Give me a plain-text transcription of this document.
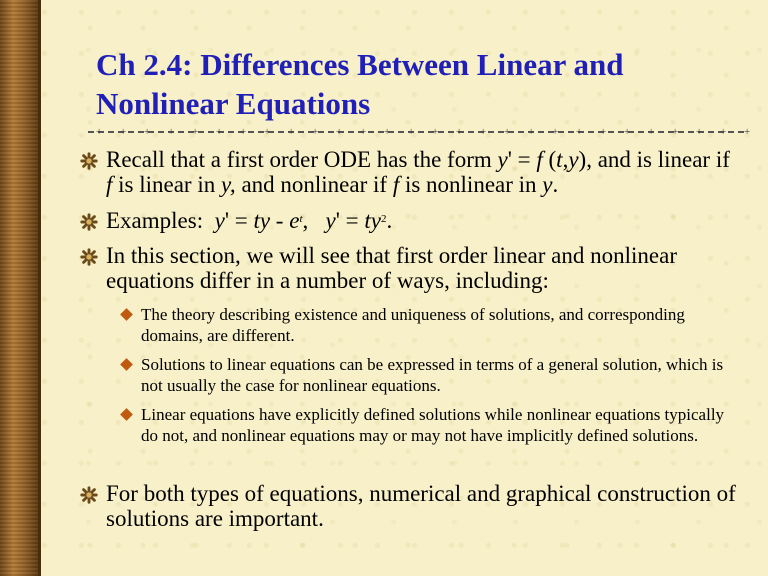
Ch 2.4: Differences Between Linear and
Nonlinear Equations
+ + + + + + + + + + + + + + + + + + + + + + + + + + + +
Recall that a first order ODE has the form y' = f (t,y), and is linear if f is linear in y, and nonlinear if f is nonlinear in y.
Examples: y' = ty - $e^t$, $y' = ty^2$.
In this section, we will see that first order linear and nonlinear equations differ in a number of ways, including:
The theory describing existence and uniqueness of solutions, and corresponding domains, are different.
Solutions to linear equations can be expressed in terms of a general solution, which is not usually the case for nonlinear equations.
Linear equations have explicitly defined solutions while nonlinear equations typically do not, and nonlinear equations may or may not have implicitly defined solutions.
For both types of equations, numerical and graphical construction of solutions are important.
